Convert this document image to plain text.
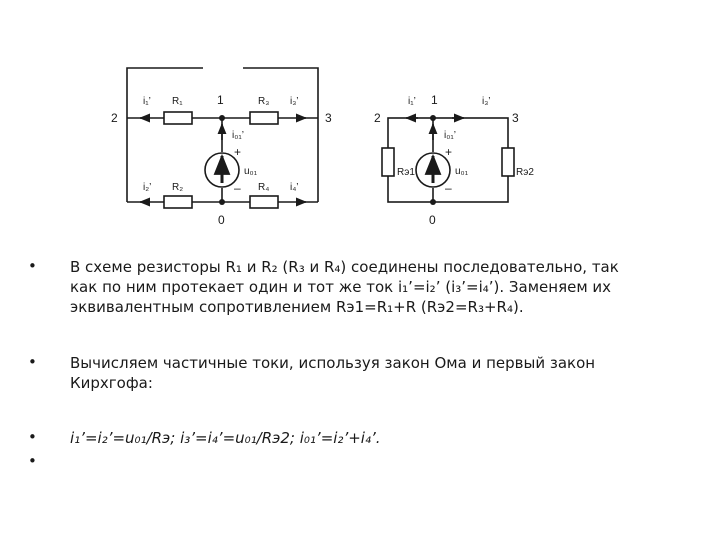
2
1
3
0
i₁’	i₃’
i₂’	i₄’
i₀₁’
R₁	R₃
R₂	R₄
u₀₁
+
–
2
1
3
0
i₁’	i₃’
i₀₁’
Rэ1	Rэ2
u₀₁
+
–
• В схеме резисторы R₁ и R₂ (R₃ и R₄) соединены последовательно, так
как по ним протекает один и тот же ток i₁’=i₂’ (i₃’=i₄’). Заменяем их
эквивалентным сопротивлением Rэ1=R₁+R (Rэ2=R₃+R₄).
• Вычисляем частичные токи, используя закон Ома и первый закон
Кирхгофа:
• i₁’=i₂’=u₀₁/Rэ; i₃’=i₄’=u₀₁/Rэ2; i₀₁’=i₂’+i₄’.
•
